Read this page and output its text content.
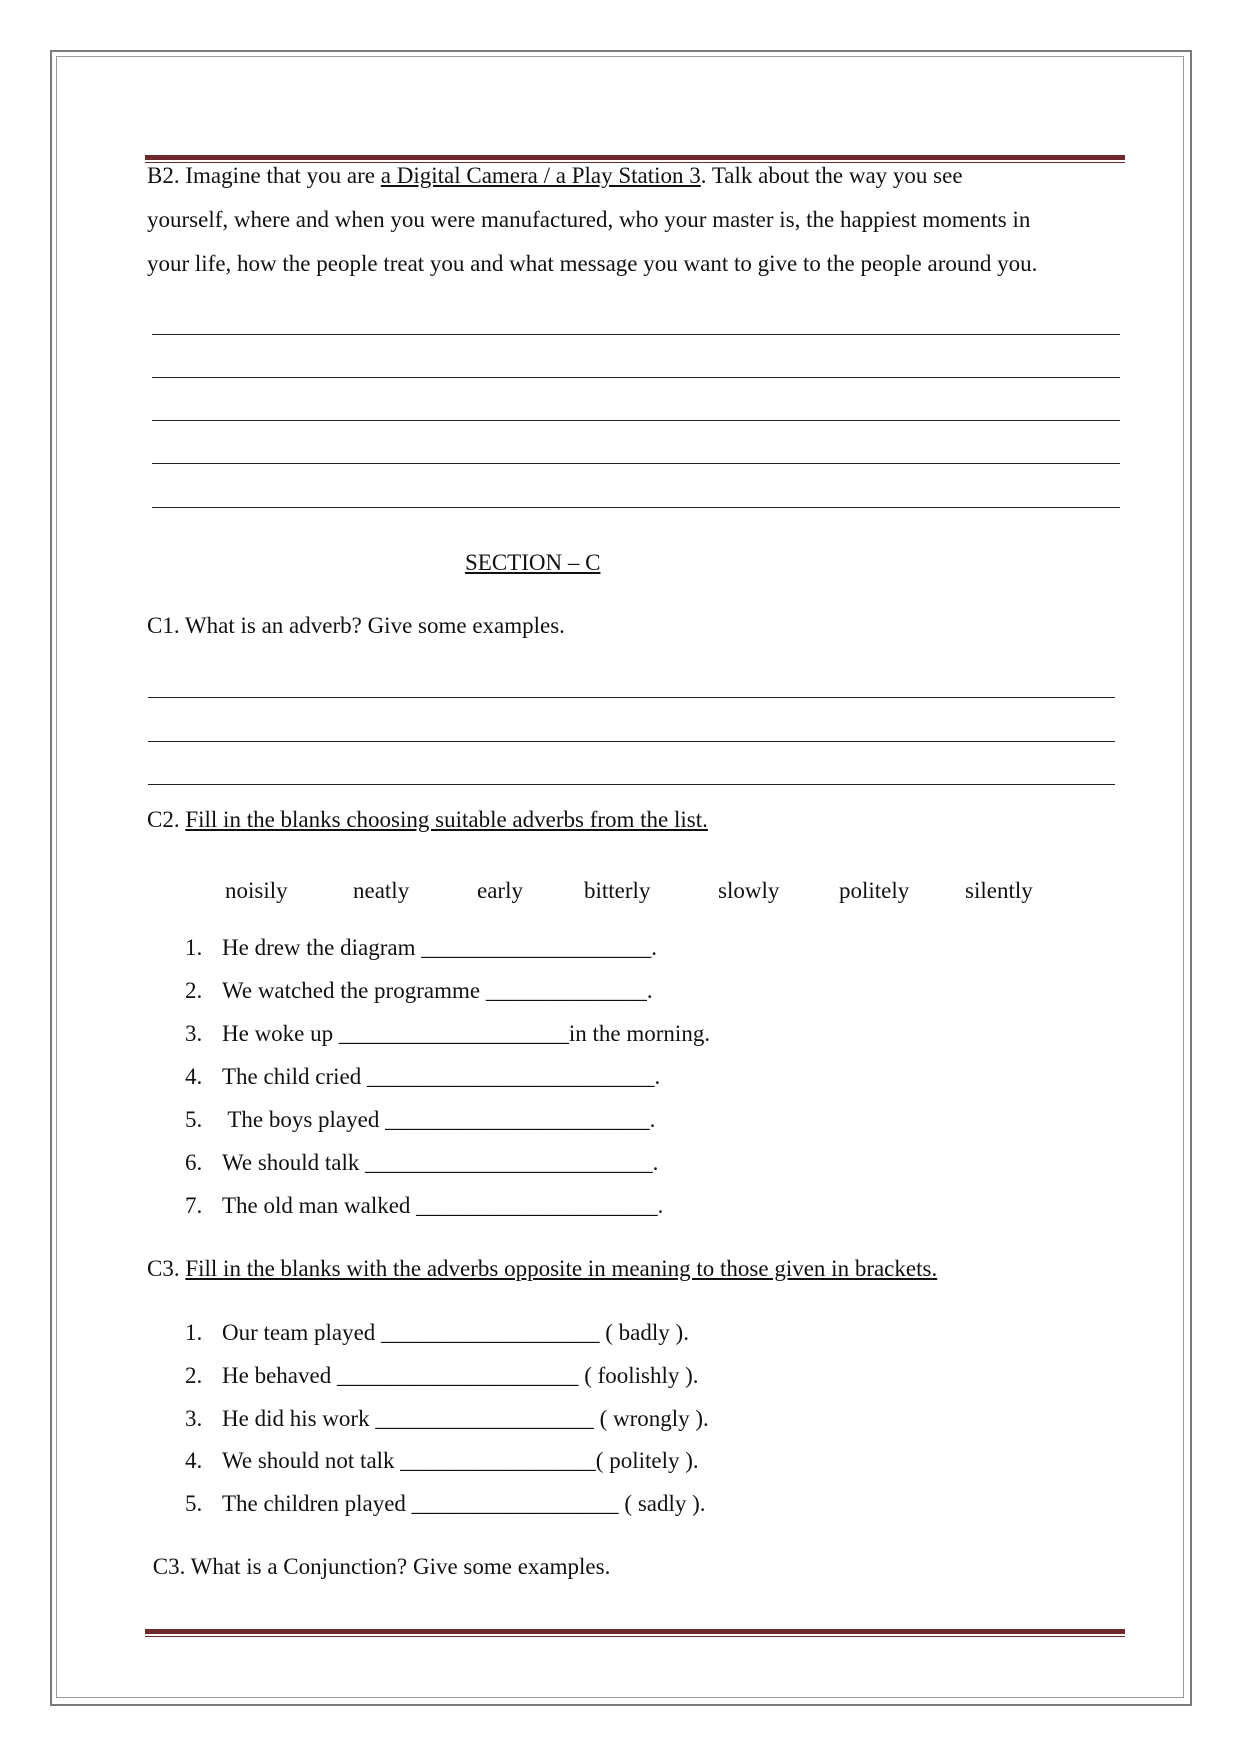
B2. Imagine that you are a Digital Camera / a Play Station 3. Talk about the way you see
yourself, where and when you were manufactured, who your master is, the happiest moments in
your life, how the people treat you and what message you want to give to the people around you.
SECTION – C
C1. What is an adverb? Give some examples.
C2. Fill in the blanks choosing suitable adverbs from the list.
noisily	neatly	early	bitterly	slowly	politely silently
1. He drew the diagram ____________________.
2. We watched the programme ______________.
3. He woke up ____________________in the morning.
4. The child cried _________________________.
5. The boys played _______________________.
6. We should talk _________________________.
7. The old man walked _____________________.
C3. Fill in the blanks with the adverbs opposite in meaning to those given in brackets.
1. Our team played ___________________ ( badly ).
2. He behaved _____________________ ( foolishly ).
3. He did his work ___________________ ( wrongly ).
4. We should not talk _________________( politely ).
5. The children played __________________ ( sadly ).
C3. What is a Conjunction? Give some examples.
